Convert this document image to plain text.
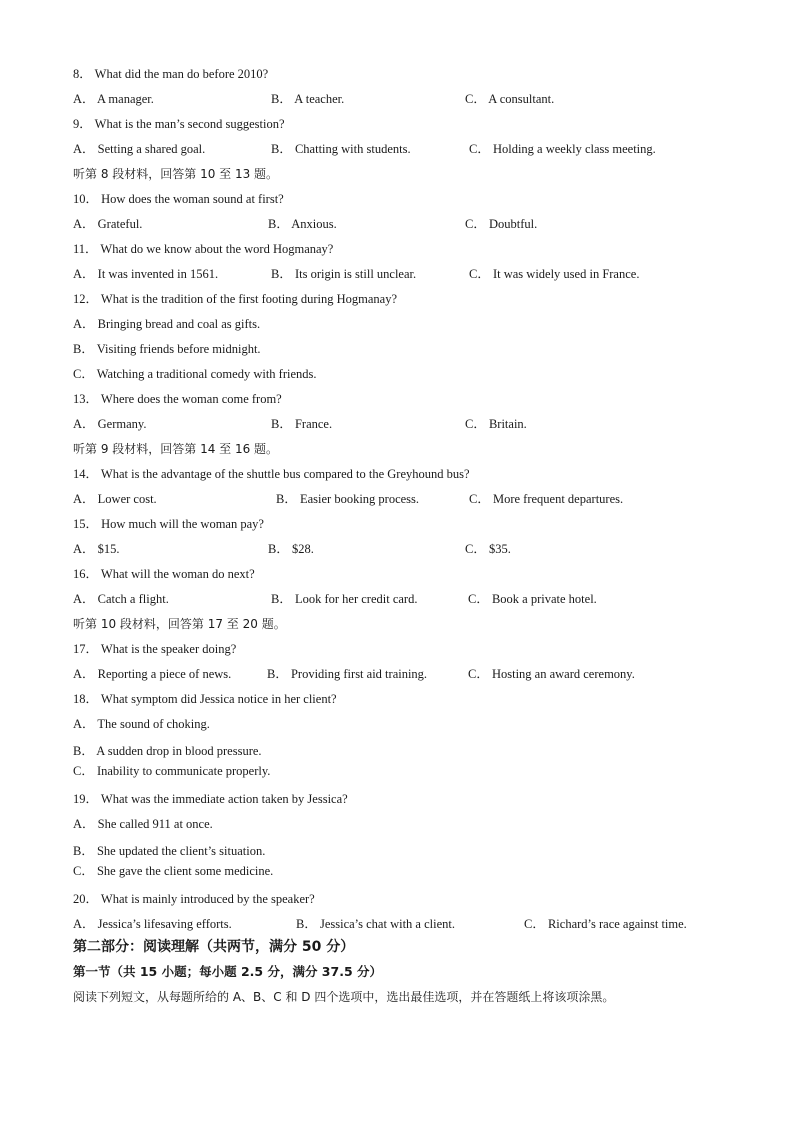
8． What did the man do before 2010?
A． A manager.	B． A teacher.	C． A consultant.
9． What is the man’s second suggestion?
A． Setting a shared goal.	B． Chatting with students.	C． Holding a weekly class meeting.
听第 8 段材料，回答第 10 至 13 题。
10． How does the woman sound at first?
A． Grateful.	B． Anxious.	C． Doubtful.
11． What do we know about the word Hogmanay?
A． It was invented in 1561.	B． Its origin is still unclear.	C． It was widely used in France.
12． What is the tradition of the first footing during Hogmanay?
A． Bringing bread and coal as gifts.
B． Visiting friends before midnight.
C． Watching a traditional comedy with friends.
13． Where does the woman come from?
A． Germany.	B． France.	C． Britain.
听第 9 段材料，回答第 14 至 16 题。
14． What is the advantage of the shuttle bus compared to the Greyhound bus?
A． Lower cost.	B． Easier booking process.	C． More frequent departures.
15． How much will the woman pay?
A． $15.	B． $28.	C． $35.
16． What will the woman do next?
A． Catch a flight.	B． Look for her credit card.	C． Book a private hotel.
听第 10 段材料，回答第 17 至 20 题。
17． What is the speaker doing?
A． Reporting a piece of news.	B． Providing first aid training.	C． Hosting an award ceremony.
18． What symptom did Jessica notice in her client?
A． The sound of choking.
B． A sudden drop in blood pressure.
C． Inability to communicate properly.
19． What was the immediate action taken by Jessica?
A． She called 911 at once.
B． She updated the client’s situation.
C． She gave the client some medicine.
20． What is mainly introduced by the speaker?
A． Jessica’s lifesaving efforts.	B． Jessica’s chat with a client.	C． Richard’s race against time.
第二部分：阅读理解（共两节，满分 50 分）
第一节（共 15 小题；每小题 2.5 分，满分 37.5 分）
阅读下列短文，从每题所给的 A、B、C 和 D 四个选项中，选出最佳选项，并在答题纸上将该项涂黑。
